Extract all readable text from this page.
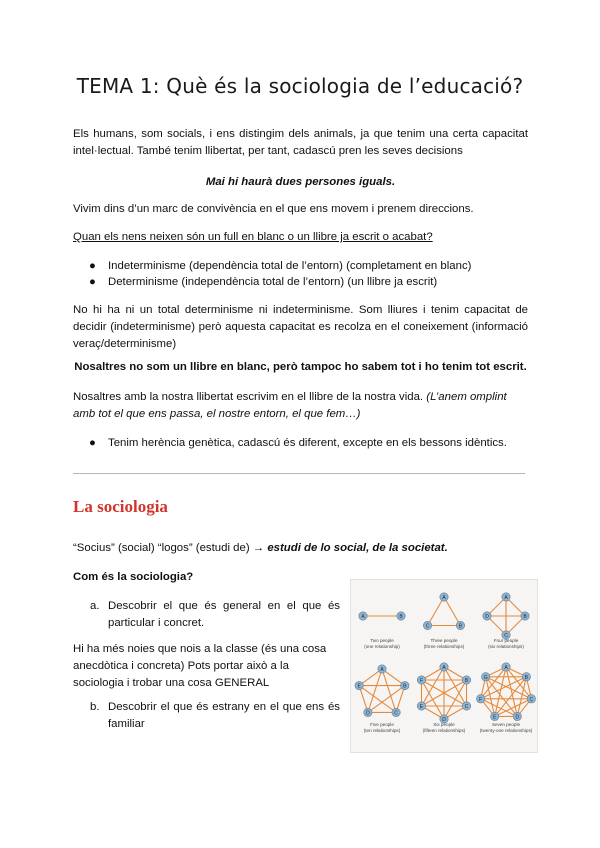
TEMA 1: Què és la sociologia de l’educació?
Els humans, som socials, i ens distingim dels animals, ja que tenim una certa capacitat intel·lectual. També tenim llibertat, per tant, cadascú pren les seves decisions
Mai hi haurà dues persones iguals.
Vivim dins d’un marc de convivència en el que ens movem i prenem direccions.
Quan els nens neixen són un full en blanc o un llibre ja escrit o acabat?
● Indeterminisme (dependència total de l’entorn) (completament en blanc)
● Determinisme (independència total de l’entorn) (un llibre ja escrit)
No hi ha ni un total determinisme ni indeterminisme. Som lliures i tenim capacitat de decidir (indeterminisme) però aquesta capacitat es recolza en el coneixement (informació veraç/determinisme)
Nosaltres no som un llibre en blanc, però tampoc ho sabem tot i ho tenim tot escrit.
Nosaltres amb la nostra llibertat escrivim en el llibre de la nostra vida. (L’anem omplint amb tot el que ens passa, el nostre entorn, el que fem…)
● Tenim herència genètica, cadascú és diferent, excepte en els bessons idèntics.
La sociologia
“Socius” (social) “logos” (estudi de) → estudi de lo social, de la societat.
Com és la sociologia?
a. Descobrir el que és general en el que és particular i concret.
Hi ha més noies que nois a la classe (és una cosa anecdòtica i concreta) Pots portar això a la sociologia i trobar una cosa GENERAL
b. Descobrir el que és estrany en el que ens és familiar
A	B
Two people
(one relationship)
A
B
C
Three people
(three relationships)
A
B
C
D
Four people
(six relationships)
A
B
C
D
E
Five people
(ten relationships)
A
B
C
D
E
F
Six people
(fifteen relationships)
A
B
C
D
E
F
G
Seven people
(twenty-one relationships)
